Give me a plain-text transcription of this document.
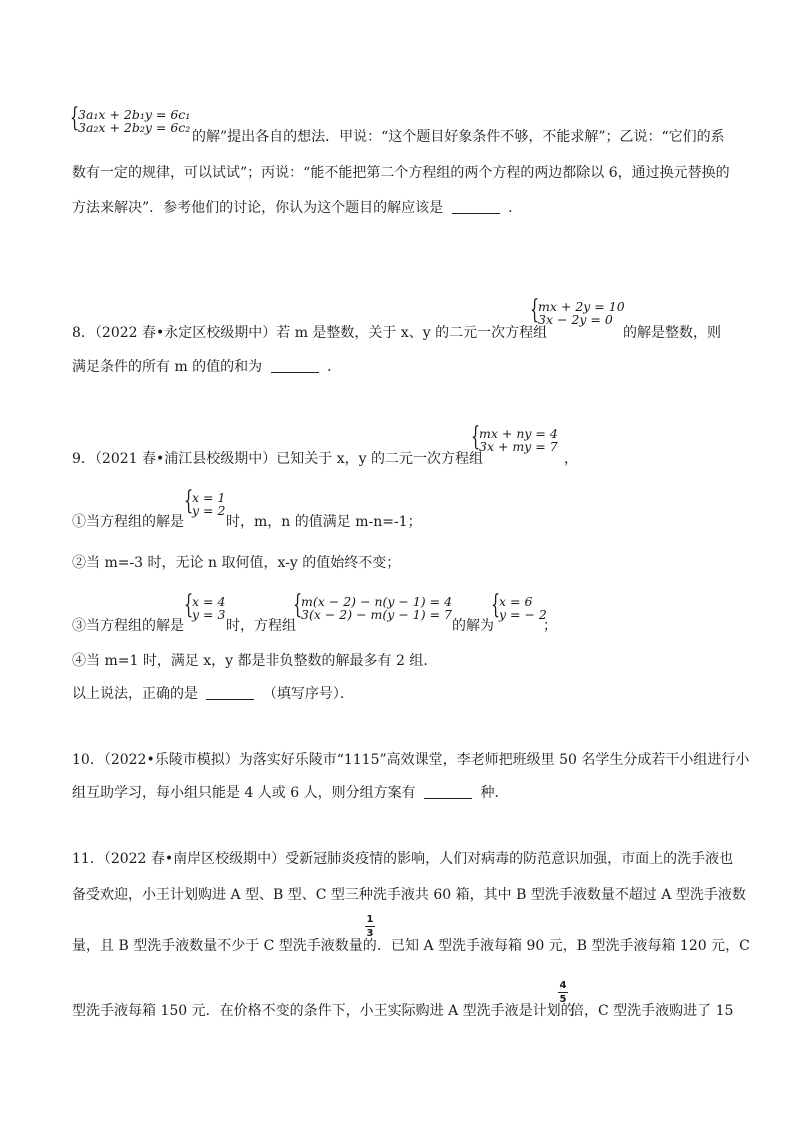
{
3a₁x + 2b₁y = 6c₁
3a₂x + 2b₂y = 6c₂
的解”提出各自的想法．甲说：“这个题目好象条件不够，不能求解”；乙说：“它们的系
数有一定的规律，可以试试”；丙说：“能不能把第二个方程组的两个方程的两边都除以 6，通过换元替换的
方法来解决”．参考他们的讨论，你认为这个题目的解应该是	．
8．（2022 春•永定区校级期中）若 m 是整数，关于 x、y 的二元一次方程组
{
mx + 2y = 10
3x − 2y = 0
的解是整数，则
满足条件的所有 m 的值的和为	．
9．（2021 春•浦江县校级期中）已知关于 x，y 的二元一次方程组
{
mx + ny = 4
3x + my = 7
，
①当方程组的解是
{
x = 1
y = 2
时，m，n 的值满足 m-n=-1；
②当 m=-3 时，无论 n 取何值，x-y 的值始终不变；
③当方程组的解是
{
x = 4
y = 3
时，方程组
{
m(x − 2) − n(y − 1) = 4
3(x − 2) − m(y − 1) = 7
的解为
{
x = 6
y = − 2
；
④当 m=1 时，满足 x，y 都是非负整数的解最多有 2 组．
以上说法，正确的是	（填写序号）．
10．（2022•乐陵市模拟）为落实好乐陵市“1115”高效课堂，李老师把班级里 50 名学生分成若干小组进行小
组互助学习，每小组只能是 4 人或 6 人，则分组方案有	种．
11．（2022 春•南岸区校级期中）受新冠肺炎疫情的影响，人们对病毒的防范意识加强，市面上的洗手液也
备受欢迎，小王计划购进 A 型、B 型、C 型三种洗手液共 60 箱，其中 B 型洗手液数量不超过 A 型洗手液数
量，且 B 型洗手液数量不少于 C 型洗手液数量的
1
3
．已知 A 型洗手液每箱 90 元，B 型洗手液每箱 120 元，C
型洗手液每箱 150 元．在价格不变的条件下，小王实际购进 A 型洗手液是计划的
4
5
倍，C 型洗手液购进了 15
